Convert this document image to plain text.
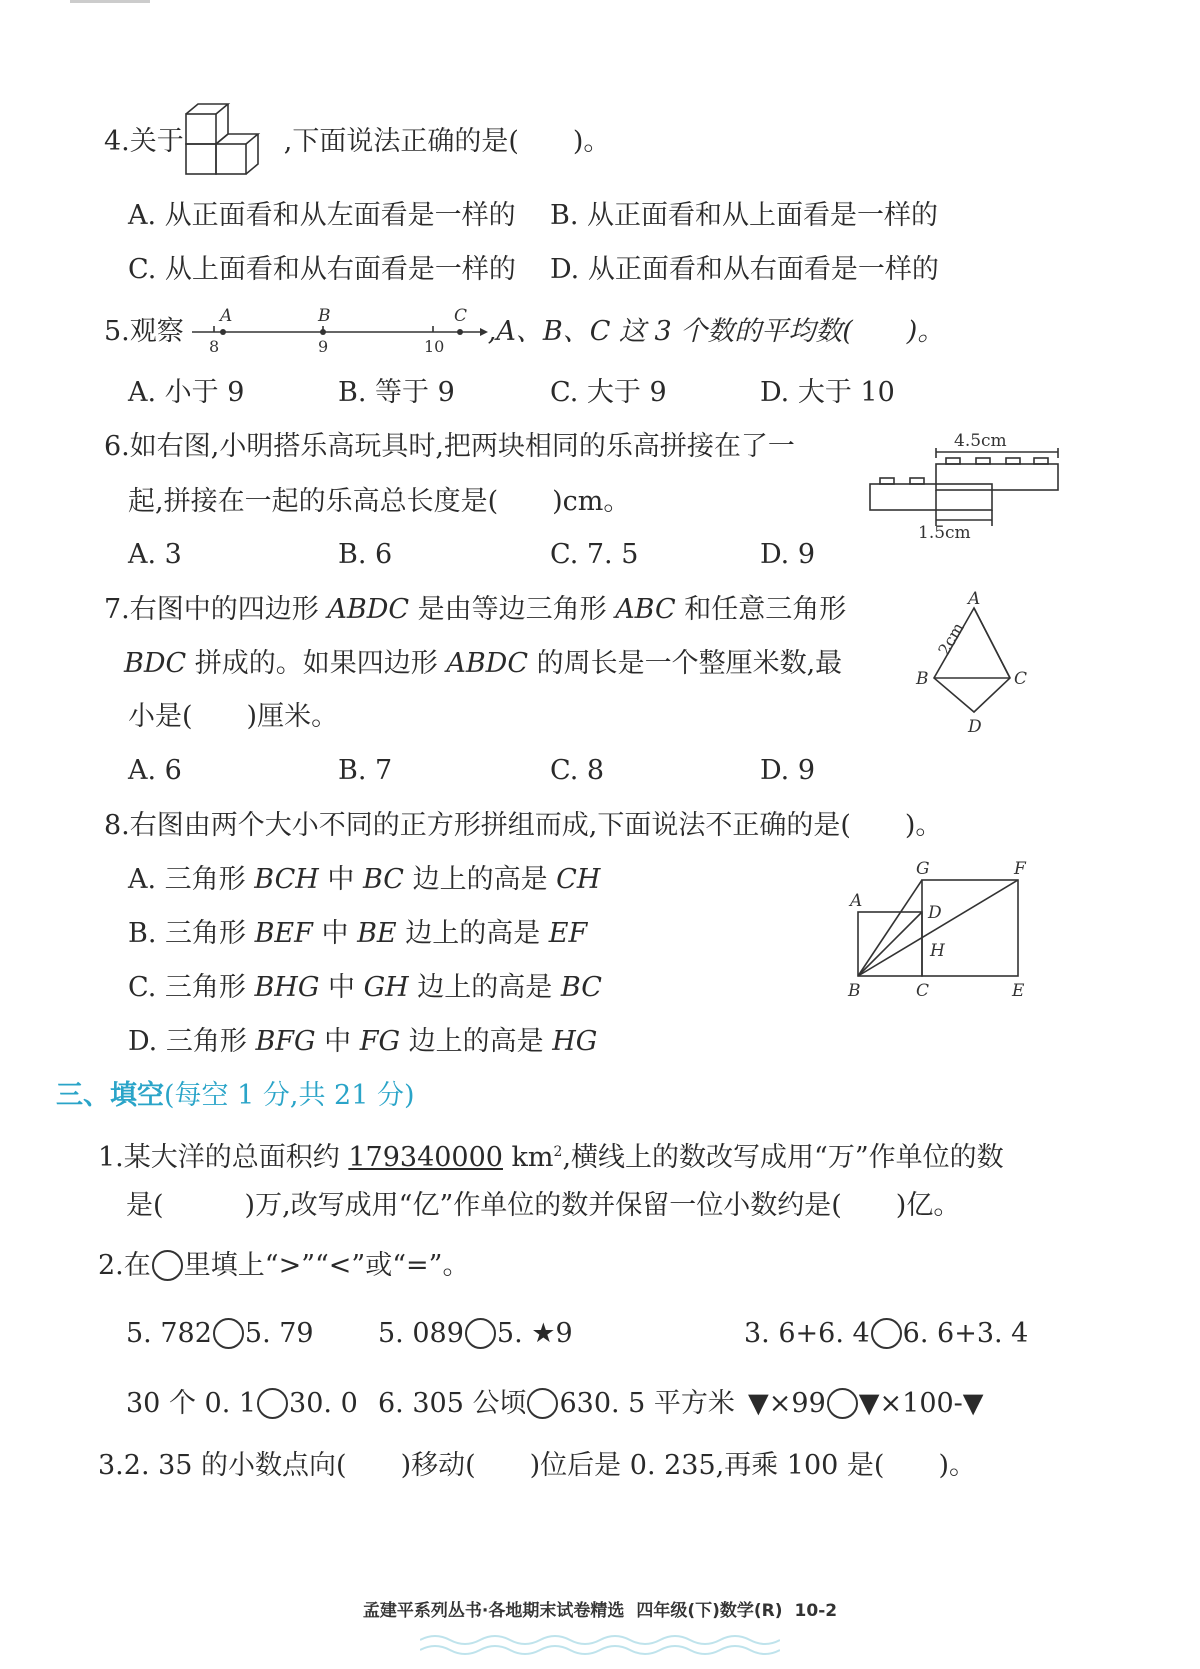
4.关于	,下面说法正确的是(　　)。
A. 从正面看和从左面看是一样的 B. 从正面看和从上面看是一样的
C. 从上面看和从右面看是一样的 D. 从正面看和从右面看是一样的
5.观察	,A、B、C 这 3 个数的平均数(　　)。
A	B	C
8	9	10
A. 小于 9	B. 等于 9	C. 大于 9	D. 大于 10
6.如右图,小明搭乐高玩具时,把两块相同的乐高拼接在了一
起,拼接在一起的乐高总长度是(　　)cm。
4.5cm
1.5cm
A. 3	B. 6	C. 7. 5	D. 9
7.右图中的四边形 ABDC 是由等边三角形 ABC 和任意三角形
BDC 拼成的。如果四边形 ABDC 的周长是一个整厘米数,最
小是(　　)厘米。
A
B	C
D
2cm
A. 6	B. 7	C. 8	D. 9
8.右图由两个大小不同的正方形拼组而成,下面说法不正确的是(　　)。
A. 三角形 BCH 中 BC 边上的高是 CH
B. 三角形 BEF 中 BE 边上的高是 EF
C. 三角形 BHG 中 GH 边上的高是 BC
D. 三角形 BFG 中 FG 边上的高是 HG
A
G	F
D
H
B	C	E
三、填空(每空 1 分,共 21 分)
1.某大洋的总面积约 179340000 $km^2$,横线上的数改写成用“万”作单位的数
是(　　　)万,改写成用“亿”作单位的数并保留一位小数约是(　　)亿。
2.在 里填上“>”“<”或“=”。
5. 782 5. 79 5. 089 5. ★9	3. 6+6. 4 6. 6+3. 4
30 个 0. 1 30. 0 6. 305 公顷 630. 5 平方米 ▼×99 ▼×100-▼
3.2. 35 的小数点向(　　)移动(　　)位后是 0. 235,再乘 100 是(　　)。
孟建平系列丛书·各地期末试卷精选 四年级(下)数学(R) 10-2
